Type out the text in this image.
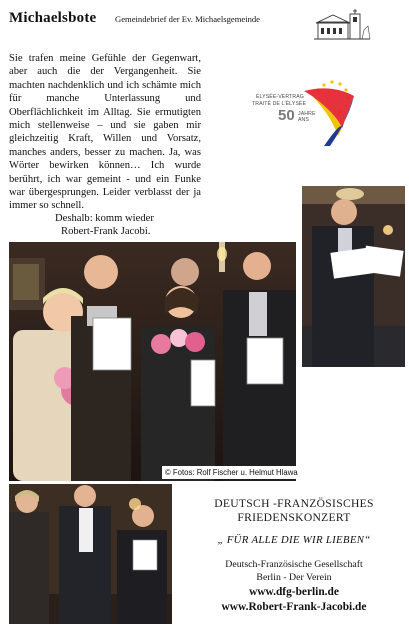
Michaelsbote Gemeindebrief der Ev. Michaelsgemeinde

Sie trafen meine Gefühle der Gegenwart, aber auch die der Vergangenheit. Sie machten nachdenklich und ich schämte mich für manche Unterlassung und Oberflächlichkeit im Alltag. Sie ermutigten mich stellenweise – und sie gaben mir gleichzeitig Kraft, Willen und Vorsatz, manches anders, besser zu machen. Ja, was Wörter bewirken können… Ich wurde berührt, ich war gemeint - und ein Funke war übergesprungen. Leider verblasst der ja immer so schnell.

Deshalb: komm wieder
Robert-Frank Jacobi.
ÉLYSÉE-VERTRAG
TRAITÉ DE L'ÉLYSÉE
50 JAHRE
ANS
© Fotos: Rolf Fischer u. Helmut Hlawa
DEUTSCH -FRANZÖSISCHES
FRIEDENSKONZERT
„ FÜR ALLE DIE WIR LIEBEN“
Deutsch-Französische Gesellschaft
Berlin - Der Verein
www.dfg-berlin.de
www.Robert-Frank-Jacobi.de
